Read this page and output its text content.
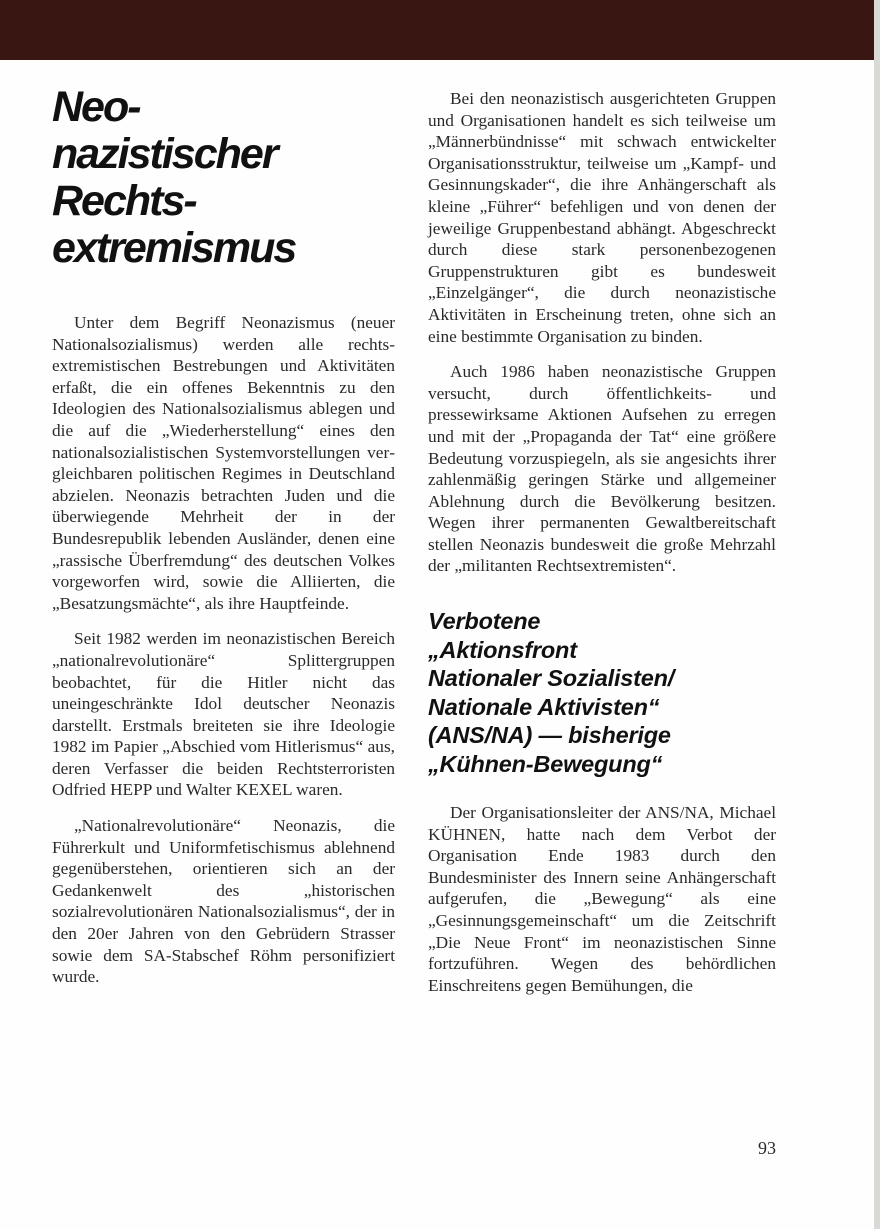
Neo-
nazistischer
Rechts-
extremismus

Unter dem Begriff Neonazismus (neuer Nationalsozialismus) werden alle rechtsextremistischen Bestrebungen und Aktivitäten erfaßt, die ein offenes Bekenntnis zu den Ideologien des Nationalsozialismus ablegen und die auf die „Wiederherstellung“ eines den nationalsozialistischen Systemvorstellungen vergleichbaren politischen Regimes in Deutschland abzielen. Neonazis betrachten Juden und die überwiegende Mehrheit der in der Bundesrepublik lebenden Ausländer, denen eine „rassische Überfremdung“ des deutschen Volkes vorgeworfen wird, sowie die Alliierten, die „Besatzungsmächte“, als ihre Hauptfeinde.

Seit 1982 werden im neonazistischen Bereich „nationalrevolutionäre“ Splittergruppen beobachtet, für die Hitler nicht das uneingeschränkte Idol deutscher Neonazis darstellt. Erstmals breiteten sie ihre Ideologie 1982 im Papier „Abschied vom Hitlerismus“ aus, deren Verfasser die beiden Rechtsterroristen Odfried HEPP und Walter KEXEL waren.

„Nationalrevolutionäre“ Neonazis, die Führerkult und Uniformfetischismus ablehnend gegenüberstehen, orientieren sich an der Gedankenwelt des „historischen sozialrevolutionären Nationalsozialismus“, der in den 20er Jahren von den Gebrüdern Strasser sowie dem SA-Stabschef Röhm personifiziert wurde.

Bei den neonazistisch ausgerichteten Gruppen und Organisationen handelt es sich teilweise um „Männerbündnisse“ mit schwach entwickelter Organisationsstruktur, teilweise um „Kampf- und Gesinnungskader“, die ihre Anhängerschaft als kleine „Führer“ befehligen und von denen der jeweilige Gruppenbestand abhängt. Abgeschreckt durch diese stark personenbezogenen Gruppenstrukturen gibt es bundesweit „Einzelgänger“, die durch neonazistische Aktivitäten in Erscheinung treten, ohne sich an eine bestimmte Organisation zu binden.

Auch 1986 haben neonazistische Gruppen versucht, durch öffentlichkeits- und pressewirksame Aktionen Aufsehen zu erregen und mit der „Propaganda der Tat“ eine größere Bedeutung vorzuspiegeln, als sie angesichts ihrer zahlenmäßig geringen Stärke und allgemeiner Ablehnung durch die Bevölkerung besitzen. Wegen ihrer permanenten Gewaltbereitschaft stellen Neonazis bundesweit die große Mehrzahl der „militanten Rechtsextremisten“.

Verbotene
„Aktionsfront
Nationaler Sozialisten/
Nationale Aktivisten“
(ANS/NA) — bisherige
„Kühnen-Bewegung“

Der Organisationsleiter der ANS/NA, Michael KÜHNEN, hatte nach dem Verbot der Organisation Ende 1983 durch den Bundesminister des Innern seine Anhängerschaft aufgerufen, die „Bewegung“ als eine „Gesinnungsgemeinschaft“ um die Zeitschrift „Die Neue Front“ im neonazistischen Sinne fortzuführen. Wegen des behördlichen Einschreitens gegen Bemühungen, die

93
